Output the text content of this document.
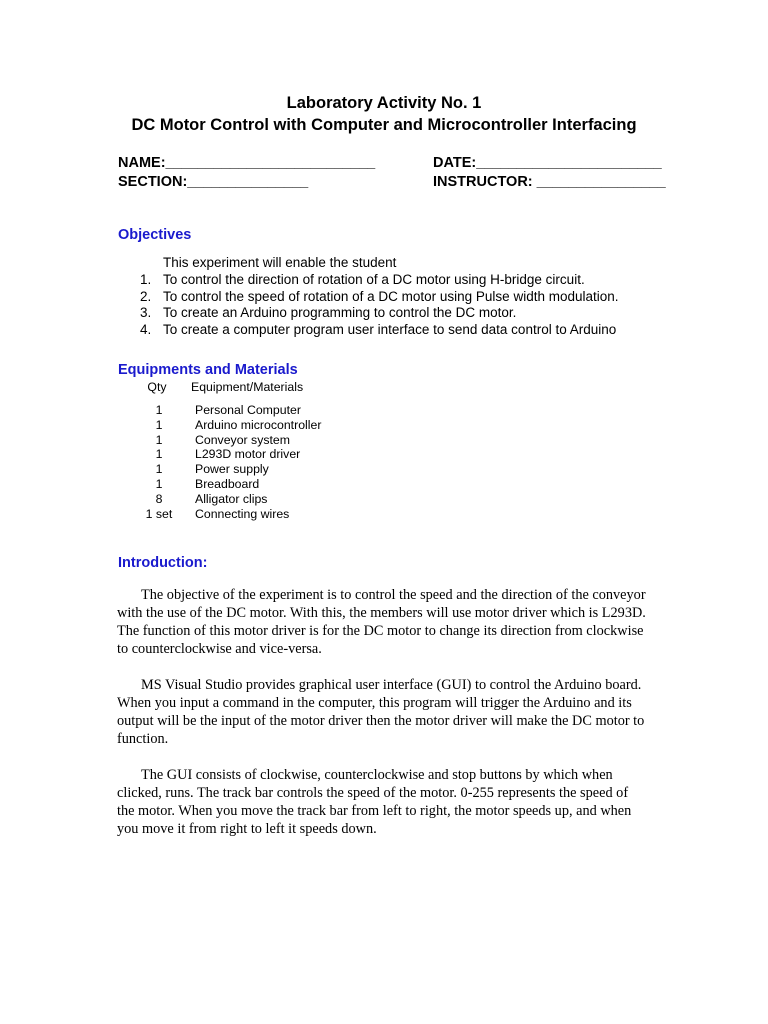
Laboratory Activity No. 1
DC Motor Control with Computer and Microcontroller Interfacing
NAME:__________________________	DATE:_______________________
SECTION:_______________	INSTRUCTOR: ________________
Objectives
This experiment will enable the student
1. To control the direction of rotation of a DC motor using H-bridge circuit.
2. To control the speed of rotation of a DC motor using Pulse width modulation.
3. To create an Arduino programming to control the DC motor.
4. To create a computer program user interface to send data control to Arduino
Equipments and Materials
Qty Equipment/Materials
1	Personal Computer
1	Arduino microcontroller
1	Conveyor system
1	L293D motor driver
1	Power supply
1	Breadboard
8	Alligator clips
1 set Connecting wires
Introduction:

The objective of the experiment is to control the speed and the direction of the conveyor with the use of the DC motor. With this, the members will use motor driver which is L293D. The function of this motor driver is for the DC motor to change its direction from clockwise to counterclockwise and vice-versa.

MS Visual Studio provides graphical user interface (GUI) to control the Arduino board. When you input a command in the computer, this program will trigger the Arduino and its output will be the input of the motor driver then the motor driver will make the DC motor to function.

The GUI consists of clockwise, counterclockwise and stop buttons by which when clicked, runs. The track bar controls the speed of the motor. 0-255 represents the speed of the motor. When you move the track bar from left to right, the motor speeds up, and when you move it from right to left it speeds down.
